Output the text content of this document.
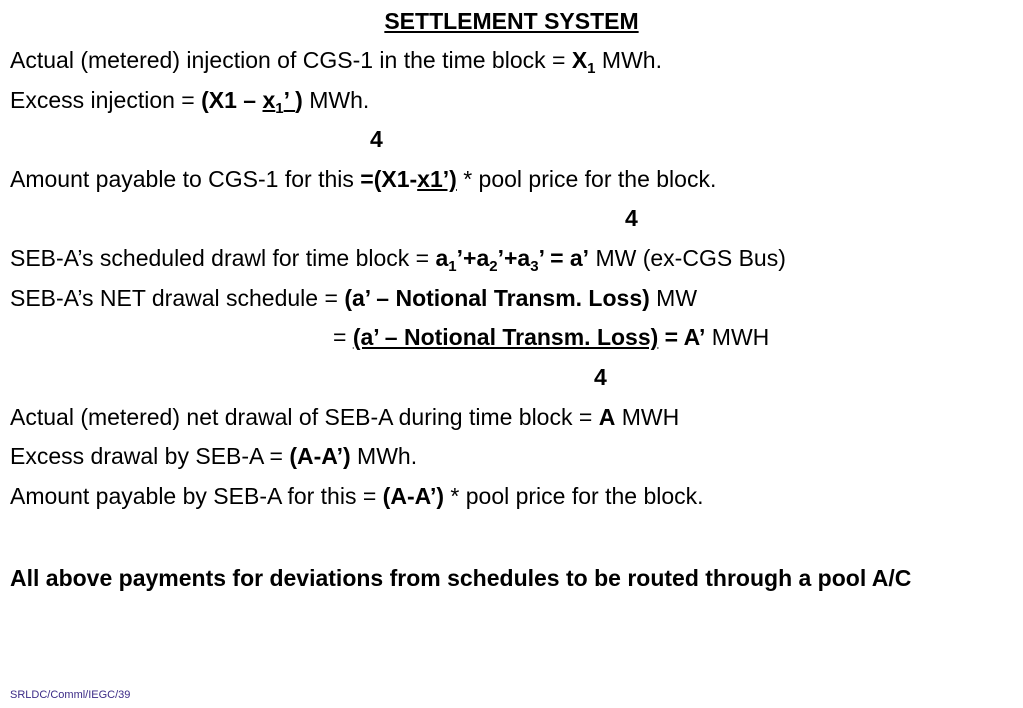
SETTLEMENT SYSTEM
Actual (metered) injection of CGS-1 in the time block = $X_1$ MWh.
Excess injection = ($X1 - x_1$’ ) MWh.
4
Amount payable to CGS-1 for this =(X1-x1’) * pool price for the block.
4
SEB-A’s scheduled drawl for time block = $a_1’+a_2’+a_3$’ = a’ MW (ex-CGS Bus)
SEB-A’s NET drawal schedule = (a’ – Notional Transm. Loss) MW
= (a’ – Notional Transm. Loss) = A’ MWH
4
Actual (metered) net drawal of SEB-A during time block = A MWH
Excess drawal by SEB-A = (A-A’) MWh.
Amount payable by SEB-A for this = (A-A’) * pool price for the block.
All above payments for deviations from schedules to be routed through a pool A/C
SRLDC/Comml/IEGC/39
